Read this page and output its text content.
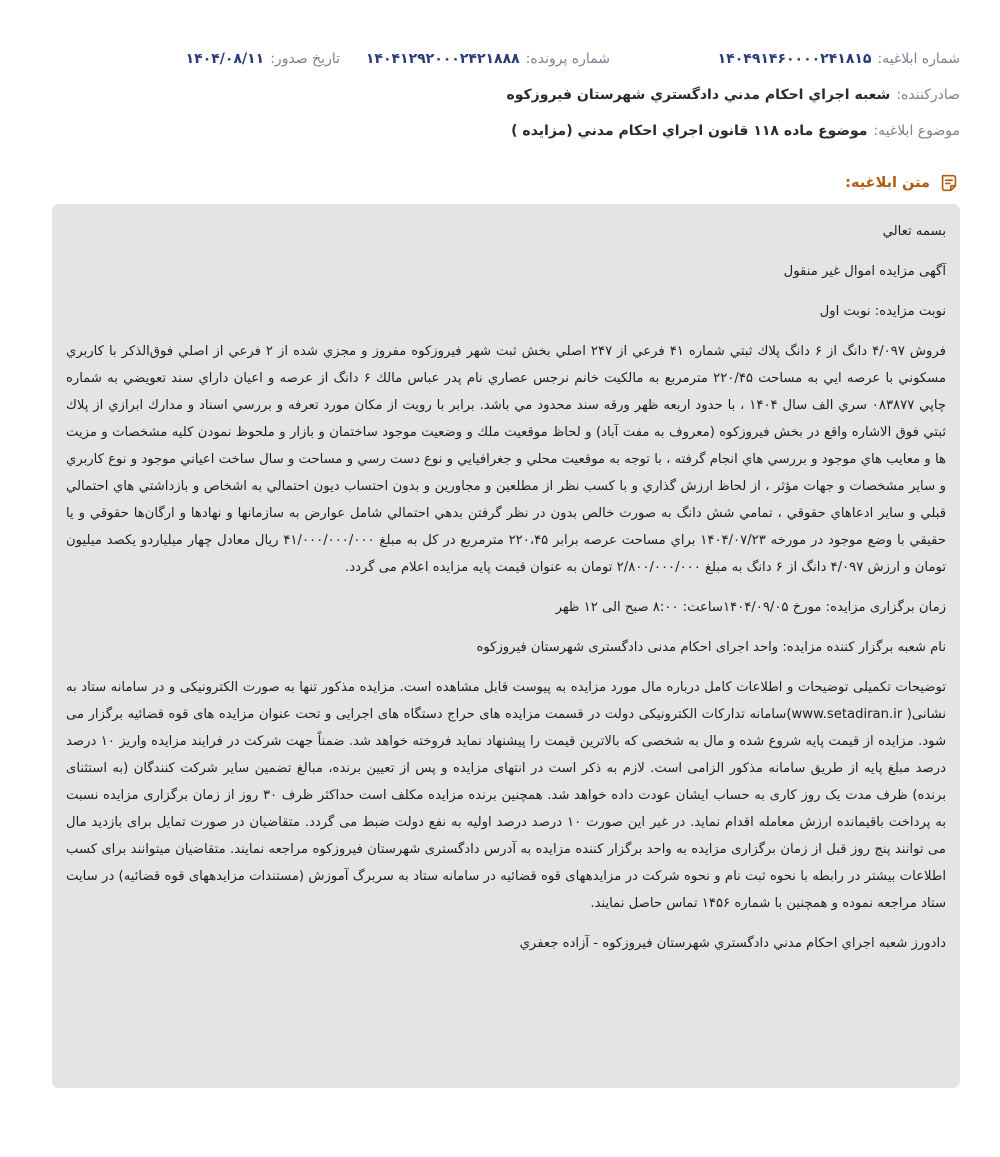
شماره ابلاغيه:
۱۴۰۴۹۱۴۶۰۰۰۰۲۴۱۸۱۵
شماره پرونده:
۱۴۰۴۱۲۹۲۰۰۰۲۴۲۱۸۸۸
تاريخ صدور:
۱۴۰۴/۰۸/۱۱
صادرکننده:
شعبه اجراي احکام مدني دادگستري شهرستان فيروزکوه
موضوع ابلاغيه:
موضوع ماده ۱۱۸ قانون اجراي احکام مدني (مزايده )
متن ابلاغيه:

بسمه تعالي

آگهی مزايده اموال غير منقول

نوبت مزايده: نوبت اول

فروش ۴/۰۹۷ دانگ از ۶ دانگ پلاك ثبتي شماره ۴۱ فرعي از ۲۴۷ اصلي بخش ثبت شهر فيروزكوه مفروز و مجزي شده از ۲ فرعي از اصلي فوق‌الذكر با كاربري مسكوني با عرصه ايي به مساحت ۲۲۰/۴۵ مترمربع به مالكيت خانم نرجس عصاري نام پدر عباس مالك ۶ دانگ از عرصه و اعيان داراي سند تعويضي به شماره چاپي ۰۸۳۸۷۷ سري الف سال ۱۴۰۴ ، با حدود اربعه ظهر ورقه سند محدود مي باشد. برابر با رويت از مكان مورد تعرفه و بررسي اسناد و مدارك ابرازي از پلاك ثبتي فوق الاشاره واقع در بخش فيروزكوه (معروف به مفت آباد) و لحاظ موقعيت ملك و وضعيت موجود ساختمان و بازار و ملحوظ نمودن كليه مشخصات و مزيت ها و معايب هاي موجود و بررسي هاي انجام گرفته ، با توجه به موقعيت محلي و جغرافيايي و نوع دست رسي و مساحت و سال ساخت اعياني موجود و نوع كاربري و ساير مشخصات و جهات مؤثر ، از لحاظ ارزش گذاري و با كسب نظر از مطلعين و مجاورين و بدون احتساب ديون احتمالي به اشخاص و بازداشتي هاي احتمالي قبلي و ساير ادعاهاي حقوقي ، تمامي شش دانگ به صورت خالص بدون در نظر گرفتن بدهي احتمالي شامل عوارض به سازمانها و نهادها و ارگان‌ها حقوقي و يا حقيقي با وضع موجود در مورخه ۱۴۰۴/۰۷/۲۳ براي مساحت عرصه برابر ۲۲۰،۴۵ مترمربع در كل به مبلغ ۴۱/۰۰۰/۰۰۰/۰۰۰ ريال معادل چهار ميلياردو يكصد ميليون تومان و ارزش ۴/۰۹۷ دانگ از ۶ دانگ به مبلغ ۲/۸۰۰/۰۰۰/۰۰۰ تومان به عنوان قيمت پايه مزايده اعلام می گردد.

زمان برگزاری مزايده: مورخ ۱۴۰۴/۰۹/۰۵ساعت: ۸:۰۰ صبح الی ۱۲ ظهر

نام شعبه برگزار کننده مزايده: واحد اجرای احکام مدنی دادگستری شهرستان فيروزکوه

توضيحات تکميلی توضيحات و اطلاعات کامل درباره مال مورد مزايده به پيوست قابل مشاهده است. مزایده مذکور تنها به صورت الکترونیکی و در سامانه ستاد به نشانی( www.setadiran.ir)سامانه تدارکات الکترونیکی دولت در قسمت مزایده های حراج دستگاه های اجرایی و تحت عنوان مزایده های قوه قضائیه برگزار می شود. مزایده از قیمت پایه شروع شده و مال به شخصی که بالاترین قیمت را پیشنهاد نماید فروخته خواهد شد. ضمناً جهت شرکت در فرایند مزایده واریز ۱۰ درصد درصد مبلغ پایه از طریق سامانه مذکور الزامی است. لازم به ذکر است در انتهای مزایده و پس از تعیین برنده، مبالغ تضمین سایر شرکت کنندگان (به استثنای برنده) ظرف مدت یک روز کاری به حساب ایشان عودت داده خواهد شد. همچنین برنده مزایده مکلف است حداکثر ظرف ۳۰ روز از زمان برگزاری مزایده نسبت به پرداخت باقیمانده ارزش معامله اقدام نماید. در غیر این صورت ۱۰ درصد درصد اولیه به نفع دولت ضبط می گردد. متقاضیان در صورت تمایل برای بازدید مال می توانند پنج روز قبل از زمان برگزاری مزایده به واحد برگزار کننده مزایده به آدرس دادگستری شهرستان فیروزکوه مراجعه نمایند. متقاضیان میتوانند برای کسب اطلاعات بیشتر در رابطه با نحوه ثبت نام و نحوه شرکت در مزایدههای قوه قضائیه در سامانه ستاد به سربرگ آموزش (مستندات مزایدههای قوه قضائیه) در سایت ستاد مراجعه نموده و همچنین با شماره ۱۴۵۶ تماس حاصل نمایند.

دادورز شعبه اجراي احکام مدني دادگستري شهرستان فيروزکوه - آزاده جعفري
